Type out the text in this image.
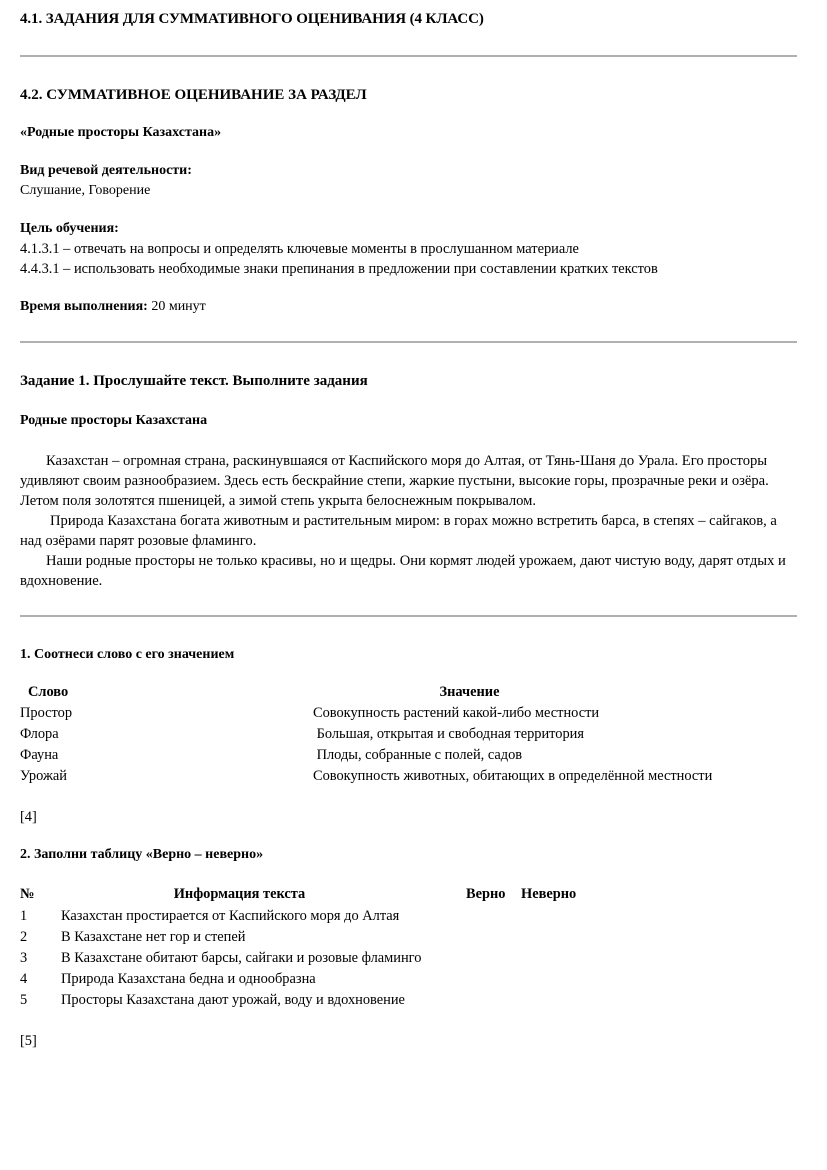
4.1. ЗАДАНИЯ ДЛЯ СУММАТИВНОГО ОЦЕНИВАНИЯ (4 КЛАСС)
4.2. СУММАТИВНОЕ ОЦЕНИВАНИЕ ЗА РАЗДЕЛ
«Родные просторы Казахстана»
Вид речевой деятельности:
Слушание, Говорение
Цель обучения:
4.1.3.1 – отвечать на вопросы и определять ключевые моменты в прослушанном материале
4.4.3.1 – использовать необходимые знаки препинания в предложении при составлении кратких текстов
Время выполнения: 20 минут
Задание 1. Прослушайте текст. Выполните задания
Родные просторы Казахстана
Казахстан – огромная страна, раскинувшаяся от Каспийского моря до Алтая, от Тянь-Шаня до Урала. Его просторы удивляют своим разнообразием. Здесь есть бескрайние степи, жаркие пустыни, высокие горы, прозрачные реки и озёра. Летом поля золотятся пшеницей, а зимой степь укрыта белоснежным покрывалом.
Природа Казахстана богата животным и растительным миром: в горах можно встретить барса, в степях – сайгаков, а над озёрами парят розовые фламинго.
Наши родные просторы не только красивы, но и щедры. Они кормят людей урожаем, дают чистую воду, дарят отдых и вдохновение.
1. Соотнеси слово с его значением
Слово	Значение
Простор	Совокупность растений какой-либо местности
Флора	Большая, открытая и свободная территория
Фауна	Плоды, собранные с полей, садов
Урожай	Совокупность животных, обитающих в определённой местности
[4]
2. Заполни таблицу «Верно – неверно»
№	Информация текста	Верно	Неверно
1	Казахстан простирается от Каспийского моря до Алтая		
2	В Казахстане нет гор и степей		
3	В Казахстане обитают барсы, сайгаки и розовые фламинго		
4	Природа Казахстана бедна и однообразна		
5	Просторы Казахстана дают урожай, воду и вдохновение		
[5]
